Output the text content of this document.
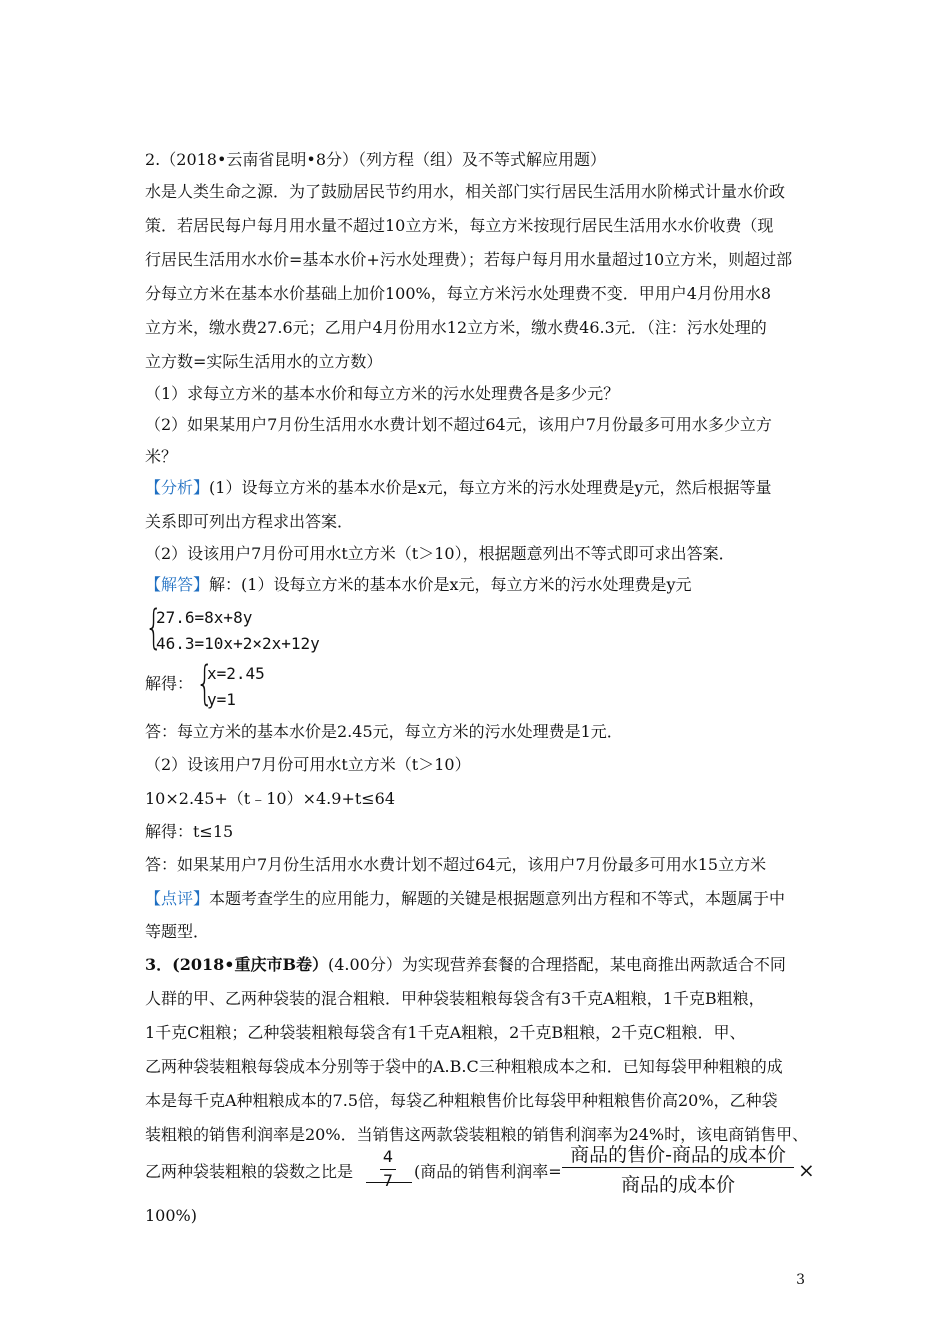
2.（2018•云南省昆明•8分）（列方程（组）及不等式解应用题）
水是人类生命之源．为了鼓励居民节约用水，相关部门实行居民生活用水阶梯式计量水价政
策．若居民每户每月用水量不超过10立方米，每立方米按现行居民生活用水水价收费（现
行居民生活用水水价=基本水价+污水处理费）；若每户每月用水量超过10立方米，则超过部
分每立方米在基本水价基础上加价100%，每立方米污水处理费不变．甲用户4月份用水8
立方米，缴水费27.6元；乙用户4月份用水12立方米，缴水费46.3元．（注：污水处理的
立方数=实际生活用水的立方数）
（1）求每立方米的基本水价和每立方米的污水处理费各是多少元？
（2）如果某用户7月份生活用水水费计划不超过64元，该用户7月份最多可用水多少立方
米？
【分析】(1）设每立方米的基本水价是x元，每立方米的污水处理费是y元，然后根据等量
关系即可列出方程求出答案．
（2）设该用户7月份可用水t立方米（t＞10），根据题意列出不等式即可求出答案．
【解答】解：(1）设每立方米的基本水价是x元，每立方米的污水处理费是y元
{
27.6=8x+8y
46.3=10x+2×2x+12y
解得： {
x=2.45
y=1
答：每立方米的基本水价是2.45元，每立方米的污水处理费是1元．
（2）设该用户7月份可用水t立方米（t＞10）
10×2.45+（t﹣10）×4.9+t≤64
解得：t≤15
答：如果某用户7月份生活用水水费计划不超过64元，该用户7月份最多可用水15立方米
【点评】本题考查学生的应用能力，解题的关键是根据题意列出方程和不等式，本题属于中
等题型．
3．(2018•重庆市B卷）(4.00分）为实现营养套餐的合理搭配，某电商推出两款适合不同
人群的甲、乙两种袋装的混合粗粮．甲种袋装粗粮每袋含有3千克A粗粮，1千克B粗粮，
1千克C粗粮；乙种袋装粗粮每袋含有1千克A粗粮，2千克B粗粮，2千克C粗粮．甲、
乙两种袋装粗粮每袋成本分别等于袋中的A.B.C三种粗粮成本之和．已知每袋甲种粗粮的成
本是每千克A种粗粮成本的7.5倍，每袋乙种粗粮售价比每袋甲种粗粮售价高20%，乙种袋
装粗粮的销售利润率是20%．当销售这两款袋装粗粮的销售利润率为24%时，该电商销售甲、
乙两种袋装粗粮的袋数之比是
4
7	(商品的销售利润率=
商品的售价-商品的成本价
商品的成本价
×
100%)
3
